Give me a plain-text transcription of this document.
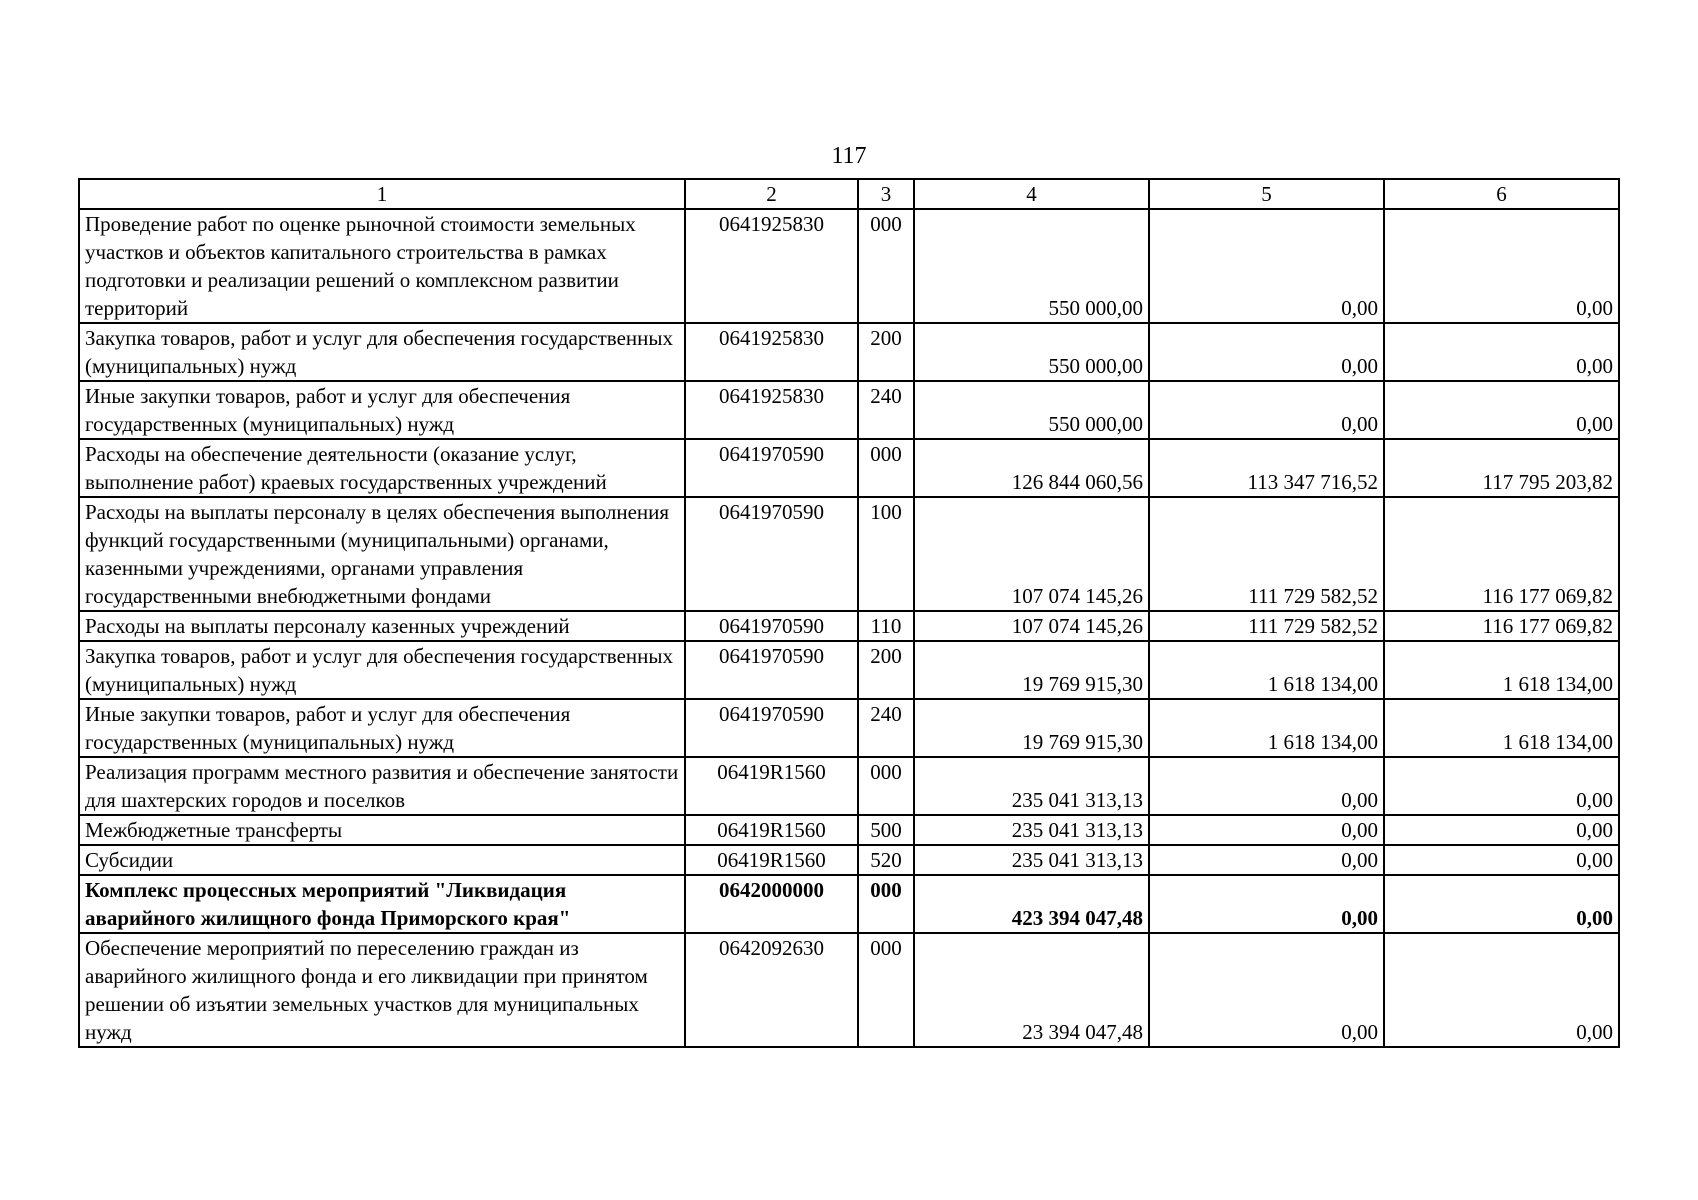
117
1	2	3	4	5	6
Проведение работ по оценке рыночной стоимости земельных участков и объектов капитального строительства в рамках подготовки и реализации решений о комплексном развитии территорий	0641925830	000	550 000,00	0,00	0,00
Закупка товаров, работ и услуг для обеспечения государственных (муниципальных) нужд	0641925830	200	550 000,00	0,00	0,00
Иные закупки товаров, работ и услуг для обеспечения государственных (муниципальных) нужд	0641925830	240	550 000,00	0,00	0,00
Расходы на обеспечение деятельности (оказание услуг, выполнение работ) краевых государственных учреждений	0641970590	000	126 844 060,56	113 347 716,52	117 795 203,82
Расходы на выплаты персоналу в целях обеспечения выполнения функций государственными (муниципальными) органами, казенными учреждениями, органами управления государственными внебюджетными фондами	0641970590	100	107 074 145,26	111 729 582,52	116 177 069,82
Расходы на выплаты персоналу казенных учреждений	0641970590	110	107 074 145,26	111 729 582,52	116 177 069,82
Закупка товаров, работ и услуг для обеспечения государственных (муниципальных) нужд	0641970590	200	19 769 915,30	1 618 134,00	1 618 134,00
Иные закупки товаров, работ и услуг для обеспечения государственных (муниципальных) нужд	0641970590	240	19 769 915,30	1 618 134,00	1 618 134,00
Реализация программ местного развития и обеспечение занятости для шахтерских городов и поселков	06419R1560	000	235 041 313,13	0,00	0,00
Межбюджетные трансферты	06419R1560	500	235 041 313,13	0,00	0,00
Субсидии	06419R1560	520	235 041 313,13	0,00	0,00
Комплекс процессных мероприятий "Ликвидация аварийного жилищного фонда Приморского края"	0642000000	000	423 394 047,48	0,00	0,00
Обеспечение мероприятий по переселению граждан из аварийного жилищного фонда и его ликвидации при принятом решении об изъятии земельных участков для муниципальных нужд	0642092630	000	23 394 047,48	0,00	0,00
